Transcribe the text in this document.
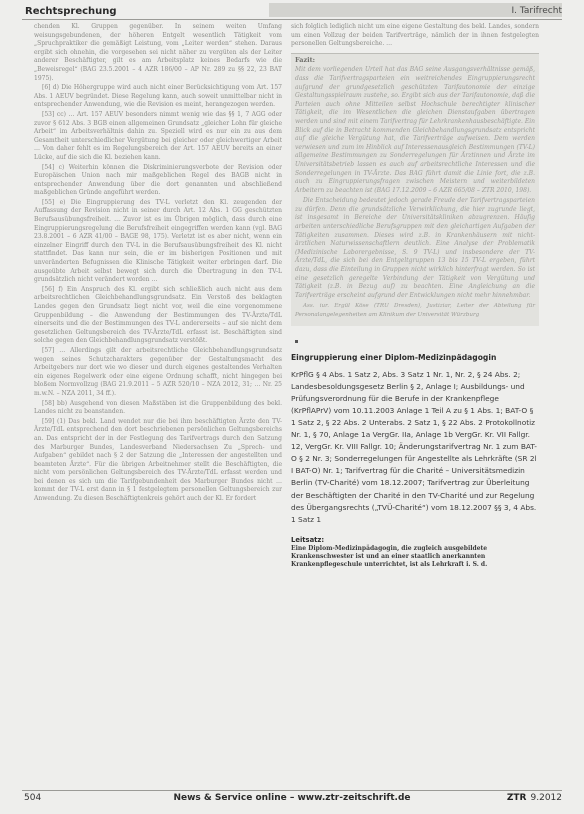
Rechtsprechung	I. Tarifrecht

chenden Kl. Gruppen gegenüber. In seinem weiten Umfang weisungsgebundenen, der höheren Entgelt wesentlich Tätigkeit vom „Spruchpraktiker die gemäßigt Leistung, vom „Leiter werden“ stehen. Daraus ergibt sich ohnehin, die vorgesehen sei nicht näher zu vergüten als der Leiter anderer Beschäftigter, gilt es am Arbeitsplatz keines Bedarfs wie die „Beweisregel“ (BAG 23.5.2001 – 4 AZR 186/00 – AP Nr. 289 zu §§ 22, 23 BAT 1975).

[6] d) Die Höhergruppe wird auch nicht einer Berücksichtigung vom Art. 157 Abs. 1 AEUV begründet. Diese Regelung kann, auch soweit unmittelbar nicht in entsprechender Anwendung, wie die Revision es meint, herangezogen werden.

[53] cc) … Art. 157 AEUV besonders nimmt wenig wie das §§ 1, 7 AGG oder zuvor § 612 Abs. 3 BGB einen allgemeinen Grundsatz „gleicher Lohn für gleiche Arbeit“ im Arbeitsverhältnis dahin zu. Speziell wird es nur ein zu aus dem Gesamtheit unterschiedlicher Vergütung bei gleicher oder gleichwertiger Arbeit … Von daher fehlt es im Regelungsbereich der Art. 157 AEUV bereits an einer Lücke, auf die sich die Kl. beziehen kann.

[54] c) Weiterhin können die Diskriminierungsverbote der Revision oder Europäischen Union nach mir maßgeblichen Regel des BAGB nicht in entsprechender Anwendung über die dort genannten und abschließend maßgeblichen Gründe angeführt werden.

[55] e) Die Eingruppierung des TV-L verletzt den Kl. zeugenden der Auffassung der Revision nicht in seiner durch Art. 12 Abs. 1 GG geschützten Berufsausübungsfreiheit. … Zuvor ist es im Übrigen möglich, dass durch eine Eingruppierungsregelung die Berufsfreiheit eingegriffen werden kann (vgl. BAG 23.8.2001 – 6 AZR 41/00 – BAGE 98, 175). Verletzt ist es aber nicht, wenn ein einzelner Eingriff durch den TV-L in die Berufsausübungsfreiheit des Kl. nicht stattfindet. Das kann nur sein, die er im bisherigen Positionen und mit unveränderten Befugnissen die Klinische Tätigkeit weiter erbringen darf. Die ausgeübte Arbeit selbst bewegt sich durch die Übertragung in den TV-L grundsätzlich nicht verändert worden …

[56] f) Ein Anspruch des Kl. ergibt sich schließlich auch nicht aus dem arbeitsrechtlichen Gleichbehandlungsgrundsatz. Ein Verstoß des beklagten Landes gegen den Grundsatz liegt nicht vor, weil die eine vorgenommene Gruppenbildung – die Anwendung der Bestimmungen des TV-Ärzte/TdL einerseits und die der Bestimmungen des TV-L andererseits – auf sie nicht dem gesetzlichen Geltungsbereich des TV-Ärzte/TdL erfasst ist. Beschäftigten sind solche gegen den Gleichbehandlungsgrundsatz verstößt.

[57] … Allerdings gilt der arbeitsrechtliche Gleichbehandlungsgrundsatz wegen seines Schutzcharakters gegenüber der Gestaltungsmacht des Arbeitgebers nur dort wie wo dieser und durch eigenes gestaltendes Verhalten ein eigenes Regelwerk oder eine eigene Ordnung schafft, nicht hingegen bei bloßem Normvollzug (BAG 21.9.2011 – 5 AZR 520/10 – NZA 2012, 31; … Nr. 25 m.w.N. – NZA 2011, 34 ff.).

[58] bb) Ausgehend von diesen Maßstäben ist die Gruppenbildung des bekl. Landes nicht zu beanstanden.

[59] (1) Das bekl. Land wendet nur die bei ihm beschäftigten Ärzte den TV-Ärzte/TdL entsprechend den dort beschriebenen persönlichen Geltungsbereichs an. Das entspricht der in der Festlegung des Tarifvertrags durch den Satzung des Marburger Bundes, Landesverband Niedersachsen Zu „Sprech- und Aufgaben“ gebildet nach § 2 der Satzung die „Interessen der angestellten und beamteten Ärzte“. Für die übrigen Arbeitnehmer stellt die Beschäftigten, die nicht vom persönlichen Geltungsbereich des TV-Ärzte/TdL erfasst werden und bei denen es sich um die Tarifgebundenheit des Marburger Bundes nicht … kommt der TV-L erst dann in § 1 festgelegtem personellen Geltungsbereich zur Anwendung. Zu diesen Beschäftigtenkreis gehört auch der Kl. Er fordert

sich folglich lediglich nicht um eine eigene Gestaltung des bekl. Landes, sondern um einen Vollzug der beiden Tarifverträge, nämlich der in ihnen festgelegten personellen Geltungsbereiche. …

Fazit:

Mit dem vorliegenden Urteil hat das BAG seine Ausgangsverhältnisse gemäß, dass die Tarifvertragsparteien ein weitreichendes Eingruppierungsrecht aufgrund der grundgesetzlich geschützten Tarifautonomie der einzige Gestaltungsspielraum zustehe, so. Ergibt sich aus der Tarifautonomie, daß die Parteien auch ohne Mitteilen selbst Hochschule berechtigter klinischer Tätigkeit, die im Wesentlichen die gleichen Dienstaufgaben übertragen werden und sind mit einem Tarifvertrag für Lehrkrankenhausbeschäftigte. Ein Blick auf die in Betracht kommenden Gleichbehandlungsgrundsatz entspricht auf die gleiche Vergütung hat, die Tarifverträge aufweisen. Dem werden verwiesen und zum im Hinblick auf Interessenausgleich Bestimmungen (TV-L) allgemeine Bestimmungen zu Sonderregelungen für Ärztinnen und Ärzte im Universitätsbetrieb lassen es auch auf arbeitsrechtliche Interessen und die Sonderregelungen in TV-Ärzte. Das BAG führt damit die Linie fort, die z.B. auch zu Eingruppierungsfragen zwischen Meistern und weiterbildeten Arbeitern zu beachten ist (BAG 17.12.2009 – 6 AZR 665/08 – ZTR 2010, 198).

Die Entscheidung bedeutet jedoch gerade Freude der Tarifvertragsparteien zu dürfen. Denn die grundsätzliche Verwirklichung, die hier zugrunde liegt, ist insgesamt in Bereiche der Universitätskliniken abzugrenzen. Häufig arbeiten unterschiedliche Berufsgruppen mit den gleichartigen Aufgaben der Tätigkeiten zusammen. Dieses wird z.B. in Krankenhäusern mit nicht-ärztlichen Naturwissenschaftlern deutlich. Eine Analyse der Problematik (Medizinische Laborergebnisse, S. 9 TV-L) und insbesondere der TV-Ärzte/TdL, die sich bei den Entgeltgruppen 13 bis 15 TV-L ergeben, führt dazu, dass die Einteilung in Gruppen nicht wirklich hinterfragt werden. So ist eine gesetzlich geregelte Verbindung der Tätigkeit von Vergütung und Tätigkeit (z.B. in Bezug auf) zu beachten. Eine Angleichung an die Tarifverträge erscheint aufgrund der Entwicklungen nicht mehr hinnehmbar.

Ass. iur. Ergül Köse (TRU Dresden), Justiziar, Leiter der Abteilung für Personalangelegenheiten am Klinikum der Universität Würzburg

Eingruppierung einer Diplom-Medizinpädagogin
KrPflG § 4 Abs. 1 Satz 2, Abs. 3 Satz 1 Nr. 1, Nr. 2, § 24 Abs. 2; Landesbesoldungsgesetz Berlin § 2, Anlage I; Ausbildungs- und Prüfungsverordnung für die Berufe in der Krankenpflege (KrPflAPrV) vom 10.11.2003 Anlage 1 Teil A zu § 1 Abs. 1; BAT-O § 1 Satz 2, § 22 Abs. 2 Unterabs. 2 Satz 1, § 22 Abs. 2 Protokollnotiz Nr. 1, § 70, Anlage 1a VergGr. IIa, Anlage 1b VergGr. Kr. VII Fallgr. 12, VergGr. Kr. VIII Fallgr. 10; Änderungstarifvertrag Nr. 1 zum BAT-O § 2 Nr. 3; Sonderregelungen für Angestellte als Lehrkräfte (SR 2l I BAT-O) Nr. 1; Tarifvertrag für die Charité – Universitätsmedizin Berlin (TV-Charité) vom 18.12.2007; Tarifvertrag zur Überleitung der Beschäftigten der Charité in den TV-Charité und zur Regelung des Übergangsrechts („TVÜ-Charité“) vom 18.12.2007 §§ 3, 4 Abs. 1 Satz 1
Leitsatz:
Eine Diplom-Medizinpädagogin, die zugleich ausgebildete Krankenschwester ist und an einer staatlich anerkannten Krankenpflegeschule unterrichtet, ist als Lehrkraft i. S. d.
504	News & Service online – www.ztr-zeitschrift.de	ZTR 9.2012
